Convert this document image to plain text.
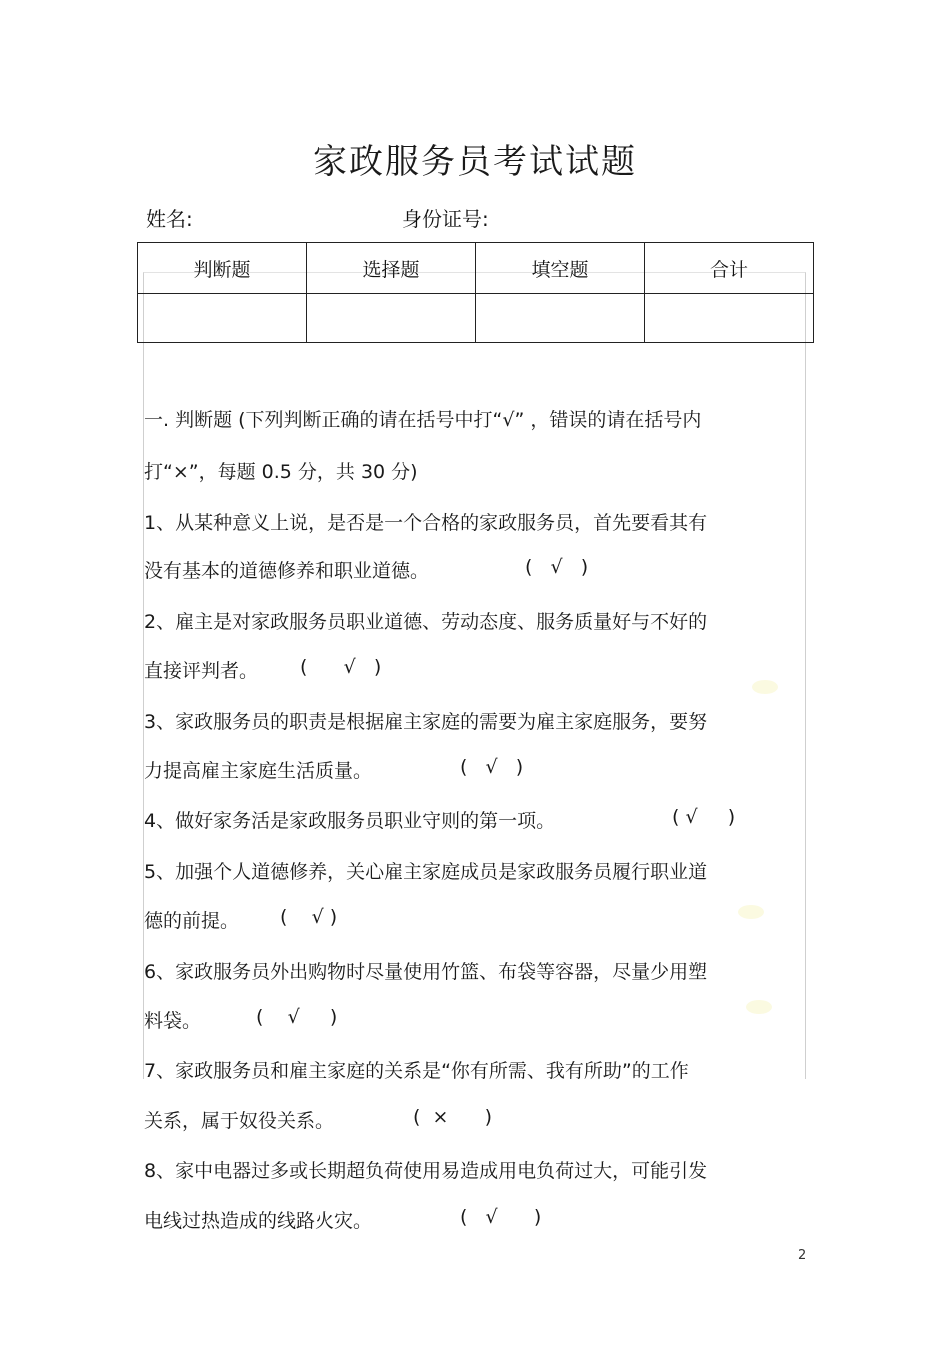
家政服务员考试试题
姓名:	身份证号:
判断题	选择题	填空题	合计

一. 判断题 (下列判断正确的请在括号中打“√” ，错误的请在括号内
打“×”，每题 0.5 分，共 30 分)
1、从某种意义上说，是否是一个合格的家政服务员，首先要看其有
没有基本的道德修养和职业道德。	(   √   )
2、雇主是对家政服务员职业道德、劳动态度、服务质量好与不好的
直接评判者。 (      √   )
3、家政服务员的职责是根据雇主家庭的需要为雇主家庭服务，要努
力提高雇主家庭生活质量。	(   √   )
4、做好家务活是家政服务员职业守则的第一项。	( √     )
5、加强个人道德修养，关心雇主家庭成员是家政服务员履行职业道
德的前提。 (    √ )
6、家政服务员外出购物时尽量使用竹篮、布袋等容器，尽量少用塑
料袋。	(    √     )
7、家政服务员和雇主家庭的关系是“你有所需、我有所助”的工作
关系，属于奴役关系。	(  ×      )
8、家中电器过多或长期超负荷使用易造成用电负荷过大，可能引发
电线过热造成的线路火灾。	(   √      )
2
